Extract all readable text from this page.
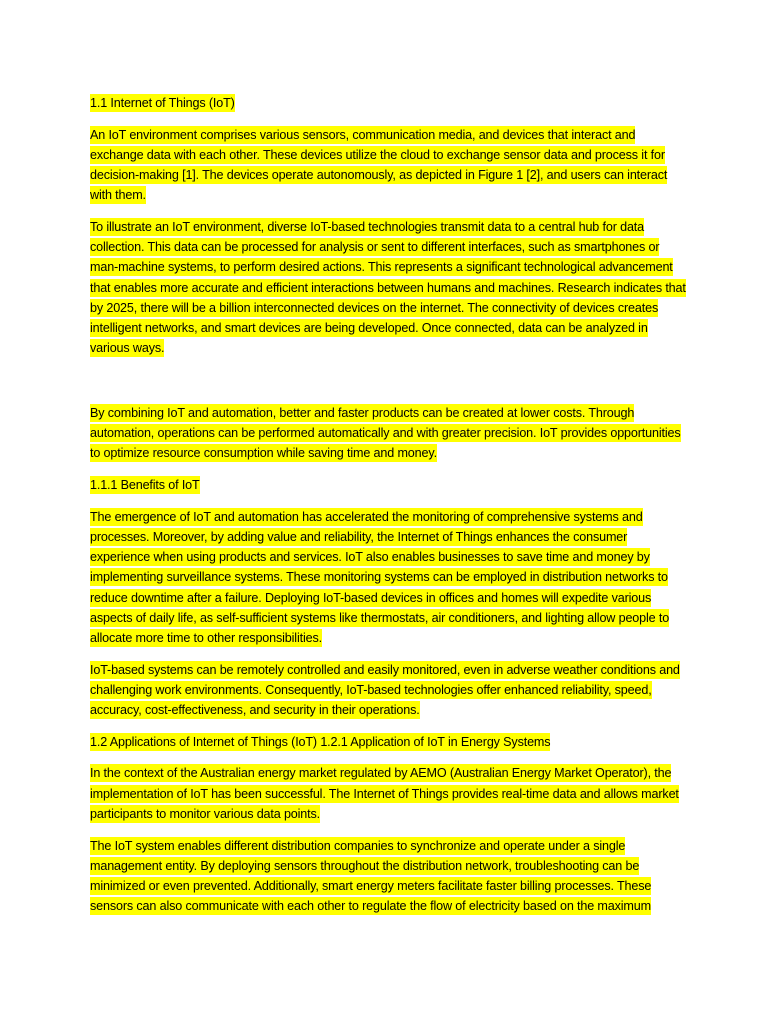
1.1 Internet of Things (IoT)

An IoT environment comprises various sensors, communication media, and devices that interact and exchange data with each other. These devices utilize the cloud to exchange sensor data and process it for decision-making [1]. The devices operate autonomously, as depicted in Figure 1 [2], and users can interact with them.

To illustrate an IoT environment, diverse IoT-based technologies transmit data to a central hub for data collection. This data can be processed for analysis or sent to different interfaces, such as smartphones or man-machine systems, to perform desired actions. This represents a significant technological advancement that enables more accurate and efficient interactions between humans and machines. Research indicates that by 2025, there will be a billion interconnected devices on the internet. The connectivity of devices creates intelligent networks, and smart devices are being developed. Once connected, data can be analyzed in various ways.

By combining IoT and automation, better and faster products can be created at lower costs. Through automation, operations can be performed automatically and with greater precision. IoT provides opportunities to optimize resource consumption while saving time and money.

1.1.1 Benefits of IoT

The emergence of IoT and automation has accelerated the monitoring of comprehensive systems and processes. Moreover, by adding value and reliability, the Internet of Things enhances the consumer experience when using products and services. IoT also enables businesses to save time and money by implementing surveillance systems. These monitoring systems can be employed in distribution networks to reduce downtime after a failure. Deploying IoT-based devices in offices and homes will expedite various aspects of daily life, as self-sufficient systems like thermostats, air conditioners, and lighting allow people to allocate more time to other responsibilities.

IoT-based systems can be remotely controlled and easily monitored, even in adverse weather conditions and challenging work environments. Consequently, IoT-based technologies offer enhanced reliability, speed, accuracy, cost-effectiveness, and security in their operations.

1.2 Applications of Internet of Things (IoT) 1.2.1 Application of IoT in Energy Systems

In the context of the Australian energy market regulated by AEMO (Australian Energy Market Operator), the implementation of IoT has been successful. The Internet of Things provides real-time data and allows market participants to monitor various data points.

The IoT system enables different distribution companies to synchronize and operate under a single management entity. By deploying sensors throughout the distribution network, troubleshooting can be minimized or even prevented. Additionally, smart energy meters facilitate faster billing processes. These sensors can also communicate with each other to regulate the flow of electricity based on the maximum
